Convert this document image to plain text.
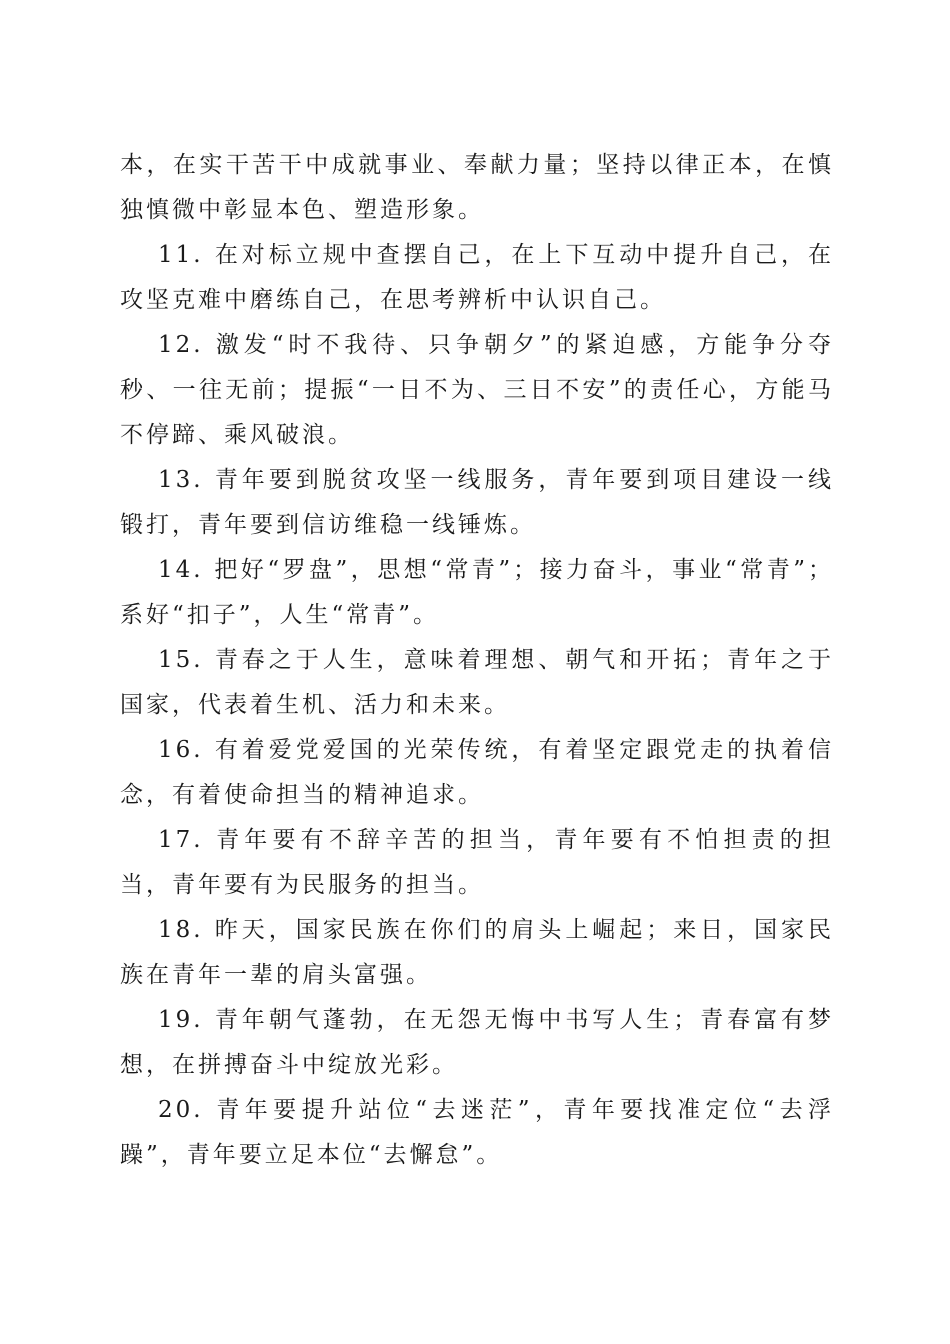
本，在实干苦干中成就事业、奉献力量；坚持以律正本，在慎独慎微中彰显本色、塑造形象。

11. 在对标立规中查摆自己，在上下互动中提升自己，在攻坚克难中磨练自己，在思考辨析中认识自己。

12. 激发“时不我待、只争朝夕”的紧迫感，方能争分夺秒、一往无前；提振“一日不为、三日不安”的责任心，方能马不停蹄、乘风破浪。

13. 青年要到脱贫攻坚一线服务，青年要到项目建设一线锻打，青年要到信访维稳一线锤炼。

14. 把好“罗盘”，思想“常青”；接力奋斗，事业“常青”；系好“扣子”，人生“常青”。

15. 青春之于人生，意味着理想、朝气和开拓；青年之于国家，代表着生机、活力和未来。

16. 有着爱党爱国的光荣传统，有着坚定跟党走的执着信念，有着使命担当的精神追求。

17. 青年要有不辞辛苦的担当，青年要有不怕担责的担当，青年要有为民服务的担当。

18. 昨天，国家民族在你们的肩头上崛起；来日，国家民族在青年一辈的肩头富强。

19. 青年朝气蓬勃，在无怨无悔中书写人生；青春富有梦想，在拼搏奋斗中绽放光彩。

20. 青年要提升站位“去迷茫”，青年要找准定位“去浮躁”，青年要立足本位“去懈怠”。
